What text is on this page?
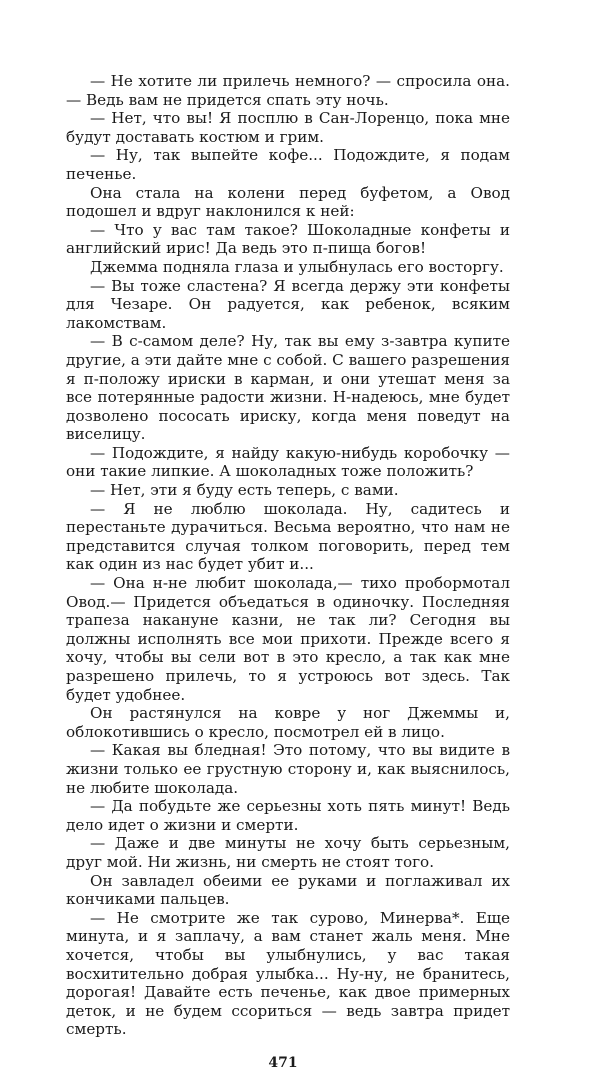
— Не хотите ли прилечь немного? — спросила она.— Ведь вам не придется спать эту ночь.

— Нет, что вы! Я посплю в Сан-Лоренцо, пока мне будут доставать костюм и грим.

— Ну, так выпейте кофе... Подождите, я подам печенье.

Она стала на колени перед буфетом, а Овод подошел и вдруг наклонился к ней:

— Что у вас там такое? Шоколадные конфеты и английский ирис! Да ведь это п-пища богов!

Джемма подняла глаза и улыбнулась его восторгу.

— Вы тоже сластена? Я всегда держу эти конфеты для Чезаре. Он радуется, как ребенок, всяким лакомствам.

— В с-самом деле? Ну, так вы ему з-завтра купите другие, а эти дайте мне с собой. С вашего разрешения я п-положу ириски в карман, и они утешат меня за все потерянные радости жизни. Н-надеюсь, мне будет дозволено пососать ириску, когда меня поведут на виселицу.

— Подождите, я найду какую-нибудь коробочку — они такие липкие. А шоколадных тоже положить?

— Нет, эти я буду есть теперь, с вами.

— Я не люблю шоколада. Ну, садитесь и перестаньте дурачиться. Весьма вероятно, что нам не представится случая толком поговорить, перед тем как один из нас будет убит и...

— Она н-не любит шоколада,— тихо пробормотал Овод.— Придется объедаться в одиночку. Последняя трапеза накануне казни, не так ли? Сегодня вы должны исполнять все мои прихоти. Прежде всего я хочу, чтобы вы сели вот в это кресло, а так как мне разрешено прилечь, то я устроюсь вот здесь. Так будет удобнее.

Он растянулся на ковре у ног Джеммы и, облокотившись о кресло, посмотрел ей в лицо.

— Какая вы бледная! Это потому, что вы видите в жизни только ее грустную сторону и, как выяснилось, не любите шоколада.

— Да побудьте же серьезны хоть пять минут! Ведь дело идет о жизни и смерти.

— Даже и две минуты не хочу быть серьезным, друг мой. Ни жизнь, ни смерть не стоят того.

Он завладел обеими ее руками и поглаживал их кончиками пальцев.

— Не смотрите же так сурово, Минерва*. Еще минута, и я заплачу, а вам станет жаль меня. Мне хочется, чтобы вы улыбнулись, у вас такая восхитительно добрая улыбка... Ну-ну, не бранитесь, дорогая! Давайте есть печенье, как двое примерных деток, и не будем ссориться — ведь завтра придет смерть.

471
